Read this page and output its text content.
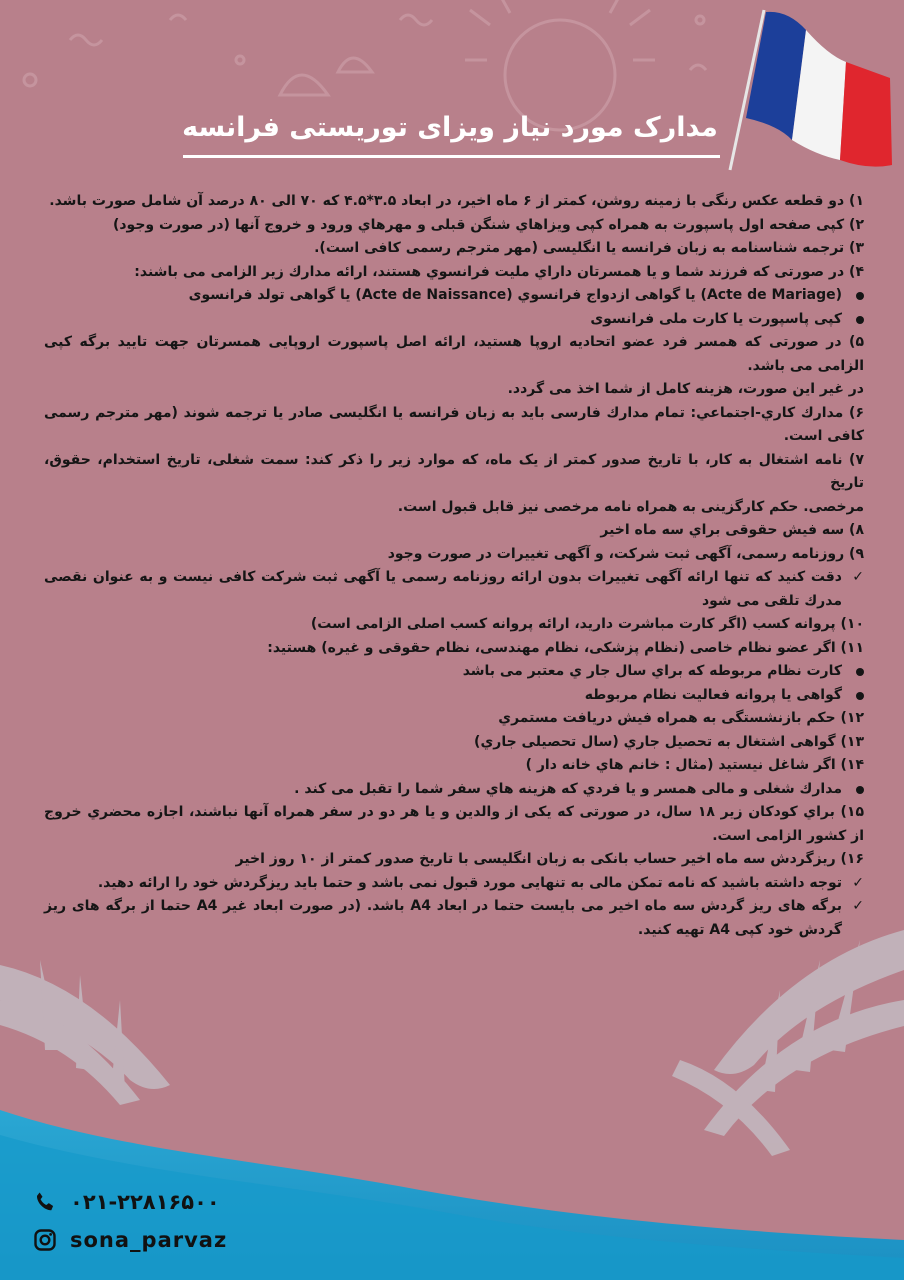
مدارک مورد نیاز ویزای توریستی فرانسه

۱) دو قطعه عکس رنگی با زمینه روشن، کمتر از ۶ ماه اخیر، در ابعاد ۳.۵*۴.۵ که ۷۰ الی ۸۰ درصد آن شامل صورت باشد.

۲) کپی صفحه اول پاسپورت به همراه کپی ویزاهاي شنگن قبلی و مهرهاي ورود و خروج آنها (در صورت وجود)

۳) ترجمه شناسنامه به زبان فرانسه یا انگلیسی (مهر مترجم رسمی کافی است).

۴) در صورتی که فرزند شما و یا همسرتان داراي ملیت فرانسوي هستند، ارائه مدارك زیر الزامی می باشند:

(Acte de Mariage) یا گواهی ازدواج فرانسوي (Acte de Naissance) یا گواهی تولد فرانسوی

کپی پاسپورت یا کارت ملی فرانسوی

۵) در صورتی که همسر فرد عضو اتحادیه اروپا هستید، ارائه اصل پاسپورت اروپایی همسرتان جهت تایید برگه کپی الزامی می باشد.

در غیر این صورت، هزینه کامل از شما اخذ می گردد.

۶) مدارك كاري-اجتماعي: تمام مدارك فارسی باید به زبان فرانسه یا انگلیسی صادر یا ترجمه شوند (مهر مترجم رسمی کافی است.

۷) نامه اشتغال به کار، با تاریخ صدور کمتر از یک ماه، که موارد زیر را ذکر کند: سمت شغلی، تاریخ استخدام، حقوق، تاریخ

مرخصی. حکم کارگزینی به همراه نامه مرخصی نیز قابل قبول است.

۸) سه فیش حقوقی براي سه ماه اخیر

۹) روزنامه رسمی، آگهی ثبت شرکت، و آگهی تغییرات در صورت وجود

✓ دقت کنید که تنها ارائه آگهی تغییرات بدون ارائه روزنامه رسمی یا آگهی ثبت شرکت کافی نیست و به عنوان نقصی مدرك تلقی می شود

۱۰) پروانه کسب (اگر کارت مباشرت دارید، ارائه پروانه کسب اصلی الزامی است)

۱۱) اگر عضو نظام خاصی (نظام پزشکی، نظام مهندسی، نظام حقوقی و غیره) هستید:

کارت نظام مربوطه که براي سال جار ي معتبر می باشد

گواهی یا پروانه فعالیت نظام مربوطه

۱۲) حکم بازنشستگی به همراه فیش دریافت مستمري

۱۳) گواهی اشتغال به تحصیل جاري (سال تحصیلی جاري)

۱۴) اگر شاغل نیستید (مثال : خانم هاي خانه دار )

مدارك شغلی و مالی همسر و یا فردي که هزینه هاي سفر شما را تقبل می کند .

۱۵) براي کودکان زیر ۱۸ سال، در صورتی که یکی از والدین و یا هر دو در سفر همراه آنها نباشند، اجازه محضري خروج از کشور الزامی است.

۱۶) ریزگردش سه ماه اخیر حساب بانکی به زبان انگلیسی با تاریخ صدور کمتر از ۱۰ روز اخیر

✓ توجه داشته باشید که نامه تمکن مالی به تنهایی مورد قبول نمی باشد و حتما باید ریزگردش خود را ارائه دهید.

✓ برگه های ریز گردش سه ماه اخیر می بایست حتما در ابعاد A4 باشد. (در صورت ابعاد غیر A4 حتما از برگه های ریز گردش خود کپی A4 تهیه کنید.

۰۲۱-۲۲۸۱۶۵۰۰
sona_parvaz
